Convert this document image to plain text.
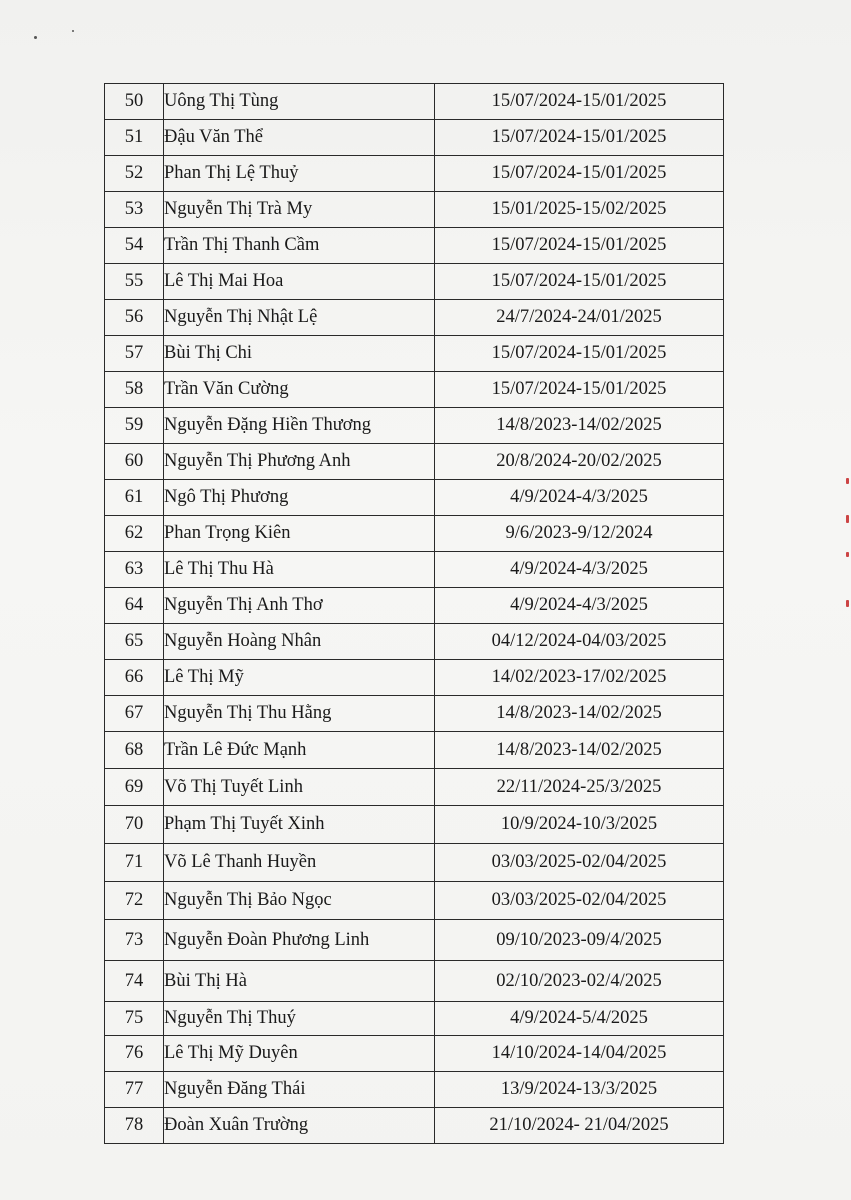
50	Uông Thị Tùng	15/07/2024-15/01/2025
51	Đậu Văn Thể	15/07/2024-15/01/2025
52	Phan Thị Lệ Thuỷ	15/07/2024-15/01/2025
53	Nguyễn Thị Trà My	15/01/2025-15/02/2025
54	Trần Thị Thanh Cầm	15/07/2024-15/01/2025
55	Lê Thị Mai Hoa	15/07/2024-15/01/2025
56	Nguyễn Thị Nhật Lệ	24/7/2024-24/01/2025
57	Bùi Thị Chi	15/07/2024-15/01/2025
58	Trần Văn Cường	15/07/2024-15/01/2025
59	Nguyễn Đặng Hiền Thương	14/8/2023-14/02/2025
60	Nguyễn Thị Phương Anh	20/8/2024-20/02/2025
61	Ngô Thị Phương	4/9/2024-4/3/2025
62	Phan Trọng Kiên	9/6/2023-9/12/2024
63	Lê Thị Thu Hà	4/9/2024-4/3/2025
64	Nguyễn Thị Anh Thơ	4/9/2024-4/3/2025
65	Nguyễn Hoàng Nhân	04/12/2024-04/03/2025
66	Lê Thị Mỹ	14/02/2023-17/02/2025
67	Nguyễn Thị Thu Hằng	14/8/2023-14/02/2025
68	Trần Lê Đức Mạnh	14/8/2023-14/02/2025
69	Võ Thị Tuyết Linh	22/11/2024-25/3/2025
70	Phạm Thị Tuyết Xinh	10/9/2024-10/3/2025
71	Võ Lê Thanh Huyền	03/03/2025-02/04/2025
72	Nguyễn Thị Bảo Ngọc	03/03/2025-02/04/2025
73	Nguyễn Đoàn Phương Linh	09/10/2023-09/4/2025
74	Bùi Thị Hà	02/10/2023-02/4/2025
75	Nguyễn Thị Thuý	4/9/2024-5/4/2025
76	Lê Thị Mỹ Duyên	14/10/2024-14/04/2025
77	Nguyễn Đăng Thái	13/9/2024-13/3/2025
78	Đoàn Xuân Trường	21/10/2024- 21/04/2025
